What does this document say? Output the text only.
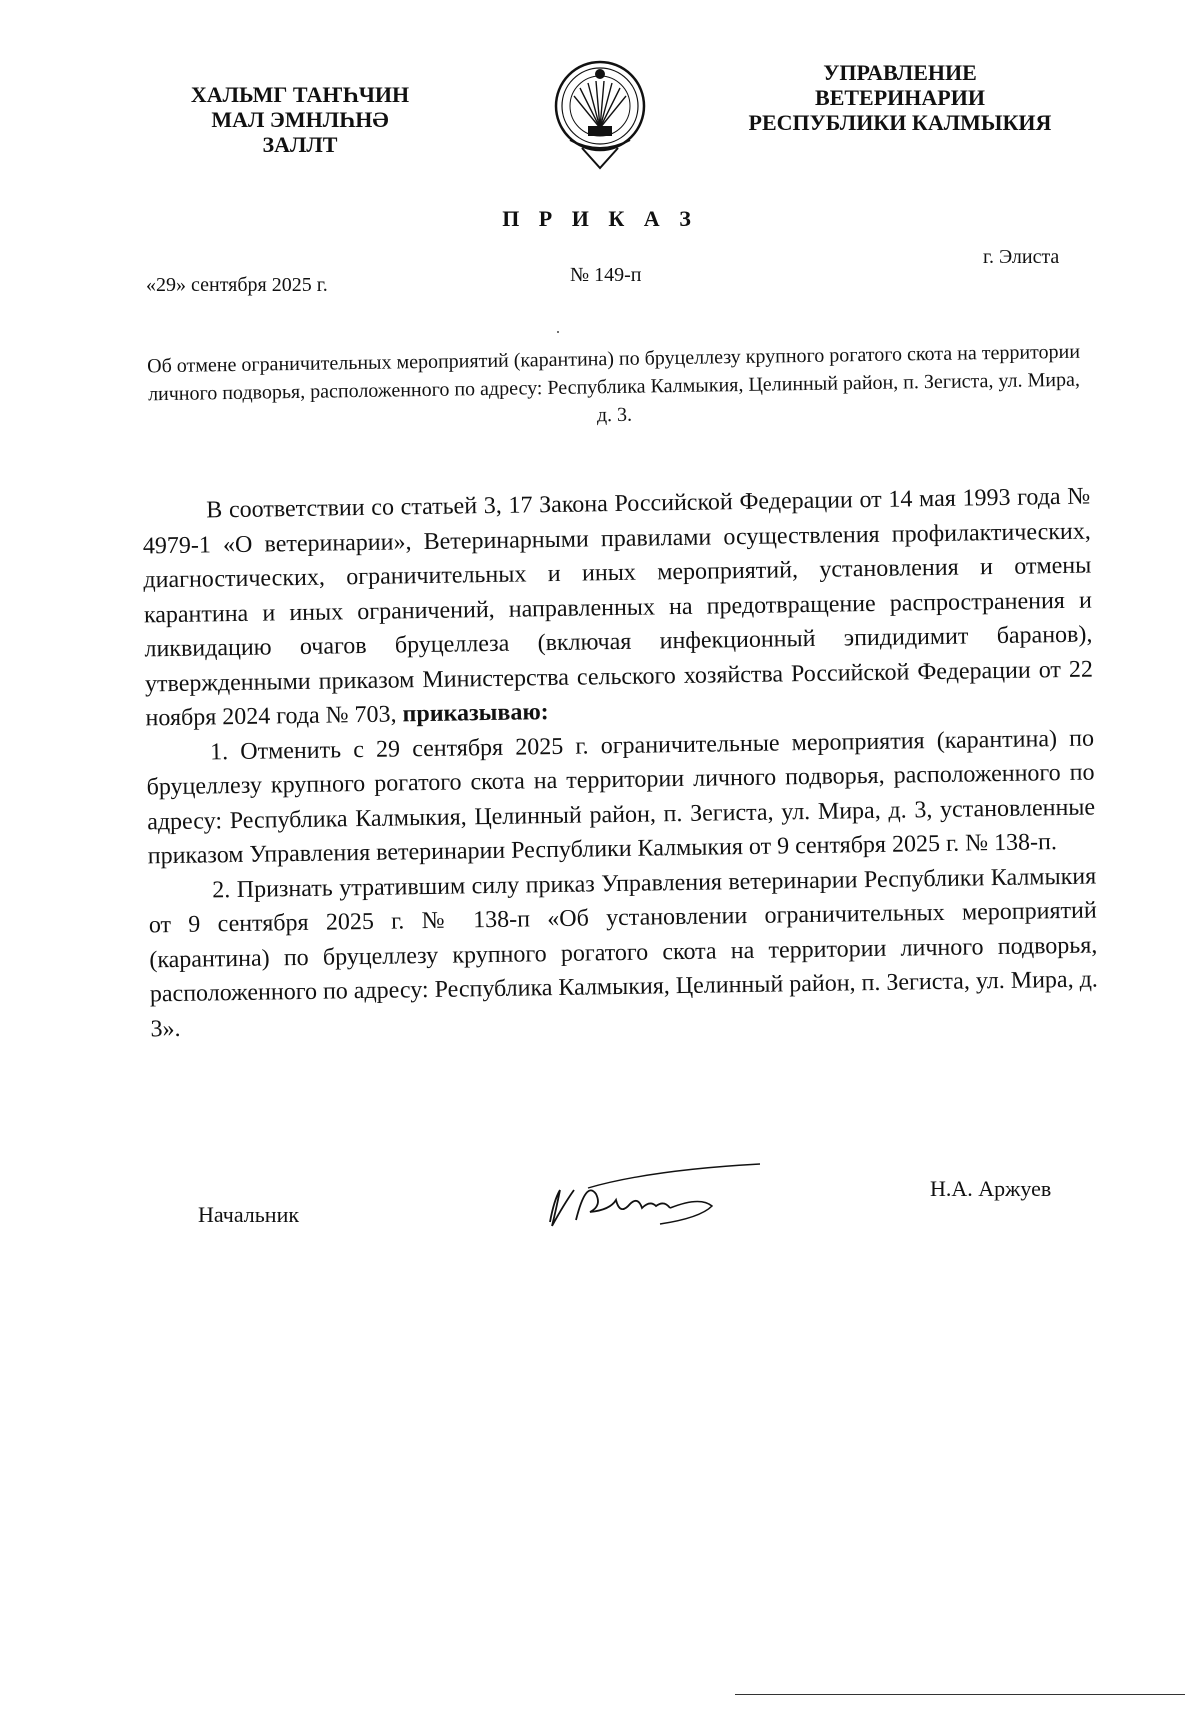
ХАЛЬМГ ТАҤҺЧИН
МАЛ ЭМНЛҺНӘ
ЗАЛЛТ
УПРАВЛЕНИЕ
ВЕТЕРИНАРИИ
РЕСПУБЛИКИ КАЛМЫКИЯ
П Р И К А З
«29» сентября 2025 г.	№ 149-п
г. Элиста
Об отмене ограничительных мероприятий (карантина) по бруцеллезу крупного рогатого скота на территории личного подворья, расположенного по адресу: Республика Калмыкия, Целинный район, п. Зегиста, ул. Мира, д. 3.

В соответствии со статьей 3, 17 Закона Российской Федерации от 14 мая 1993 года № 4979-1 «О ветеринарии», Ветеринарными правилами осуществления профилактических, диагностических, ограничительных и иных мероприятий, установления и отмены карантина и иных ограничений, направленных на предотвращение распространения и ликвидацию очагов бруцеллеза (включая инфекционный эпидидимит баранов), утвержденными приказом Министерства сельского хозяйства Российской Федерации от 22 ноября 2024 года № 703, приказываю:

1. Отменить с 29 сентября 2025 г. ограничительные мероприятия (карантина) по бруцеллезу крупного рогатого скота на территории личного подворья, расположенного по адресу: Республика Калмыкия, Целинный район, п. Зегиста, ул. Мира, д. 3, установленные приказом Управления ветеринарии Республики Калмыкия от 9 сентября 2025 г. № 138-п.

2. Признать утратившим силу приказ Управления ветеринарии Республики Калмыкия от 9 сентября 2025 г. № 138-п «Об установлении ограничительных мероприятий (карантина) по бруцеллезу крупного рогатого скота на территории личного подворья, расположенного по адресу: Республика Калмыкия, Целинный район, п. Зегиста, ул. Мира, д. 3».

Начальник
Н.А. Аржуев
